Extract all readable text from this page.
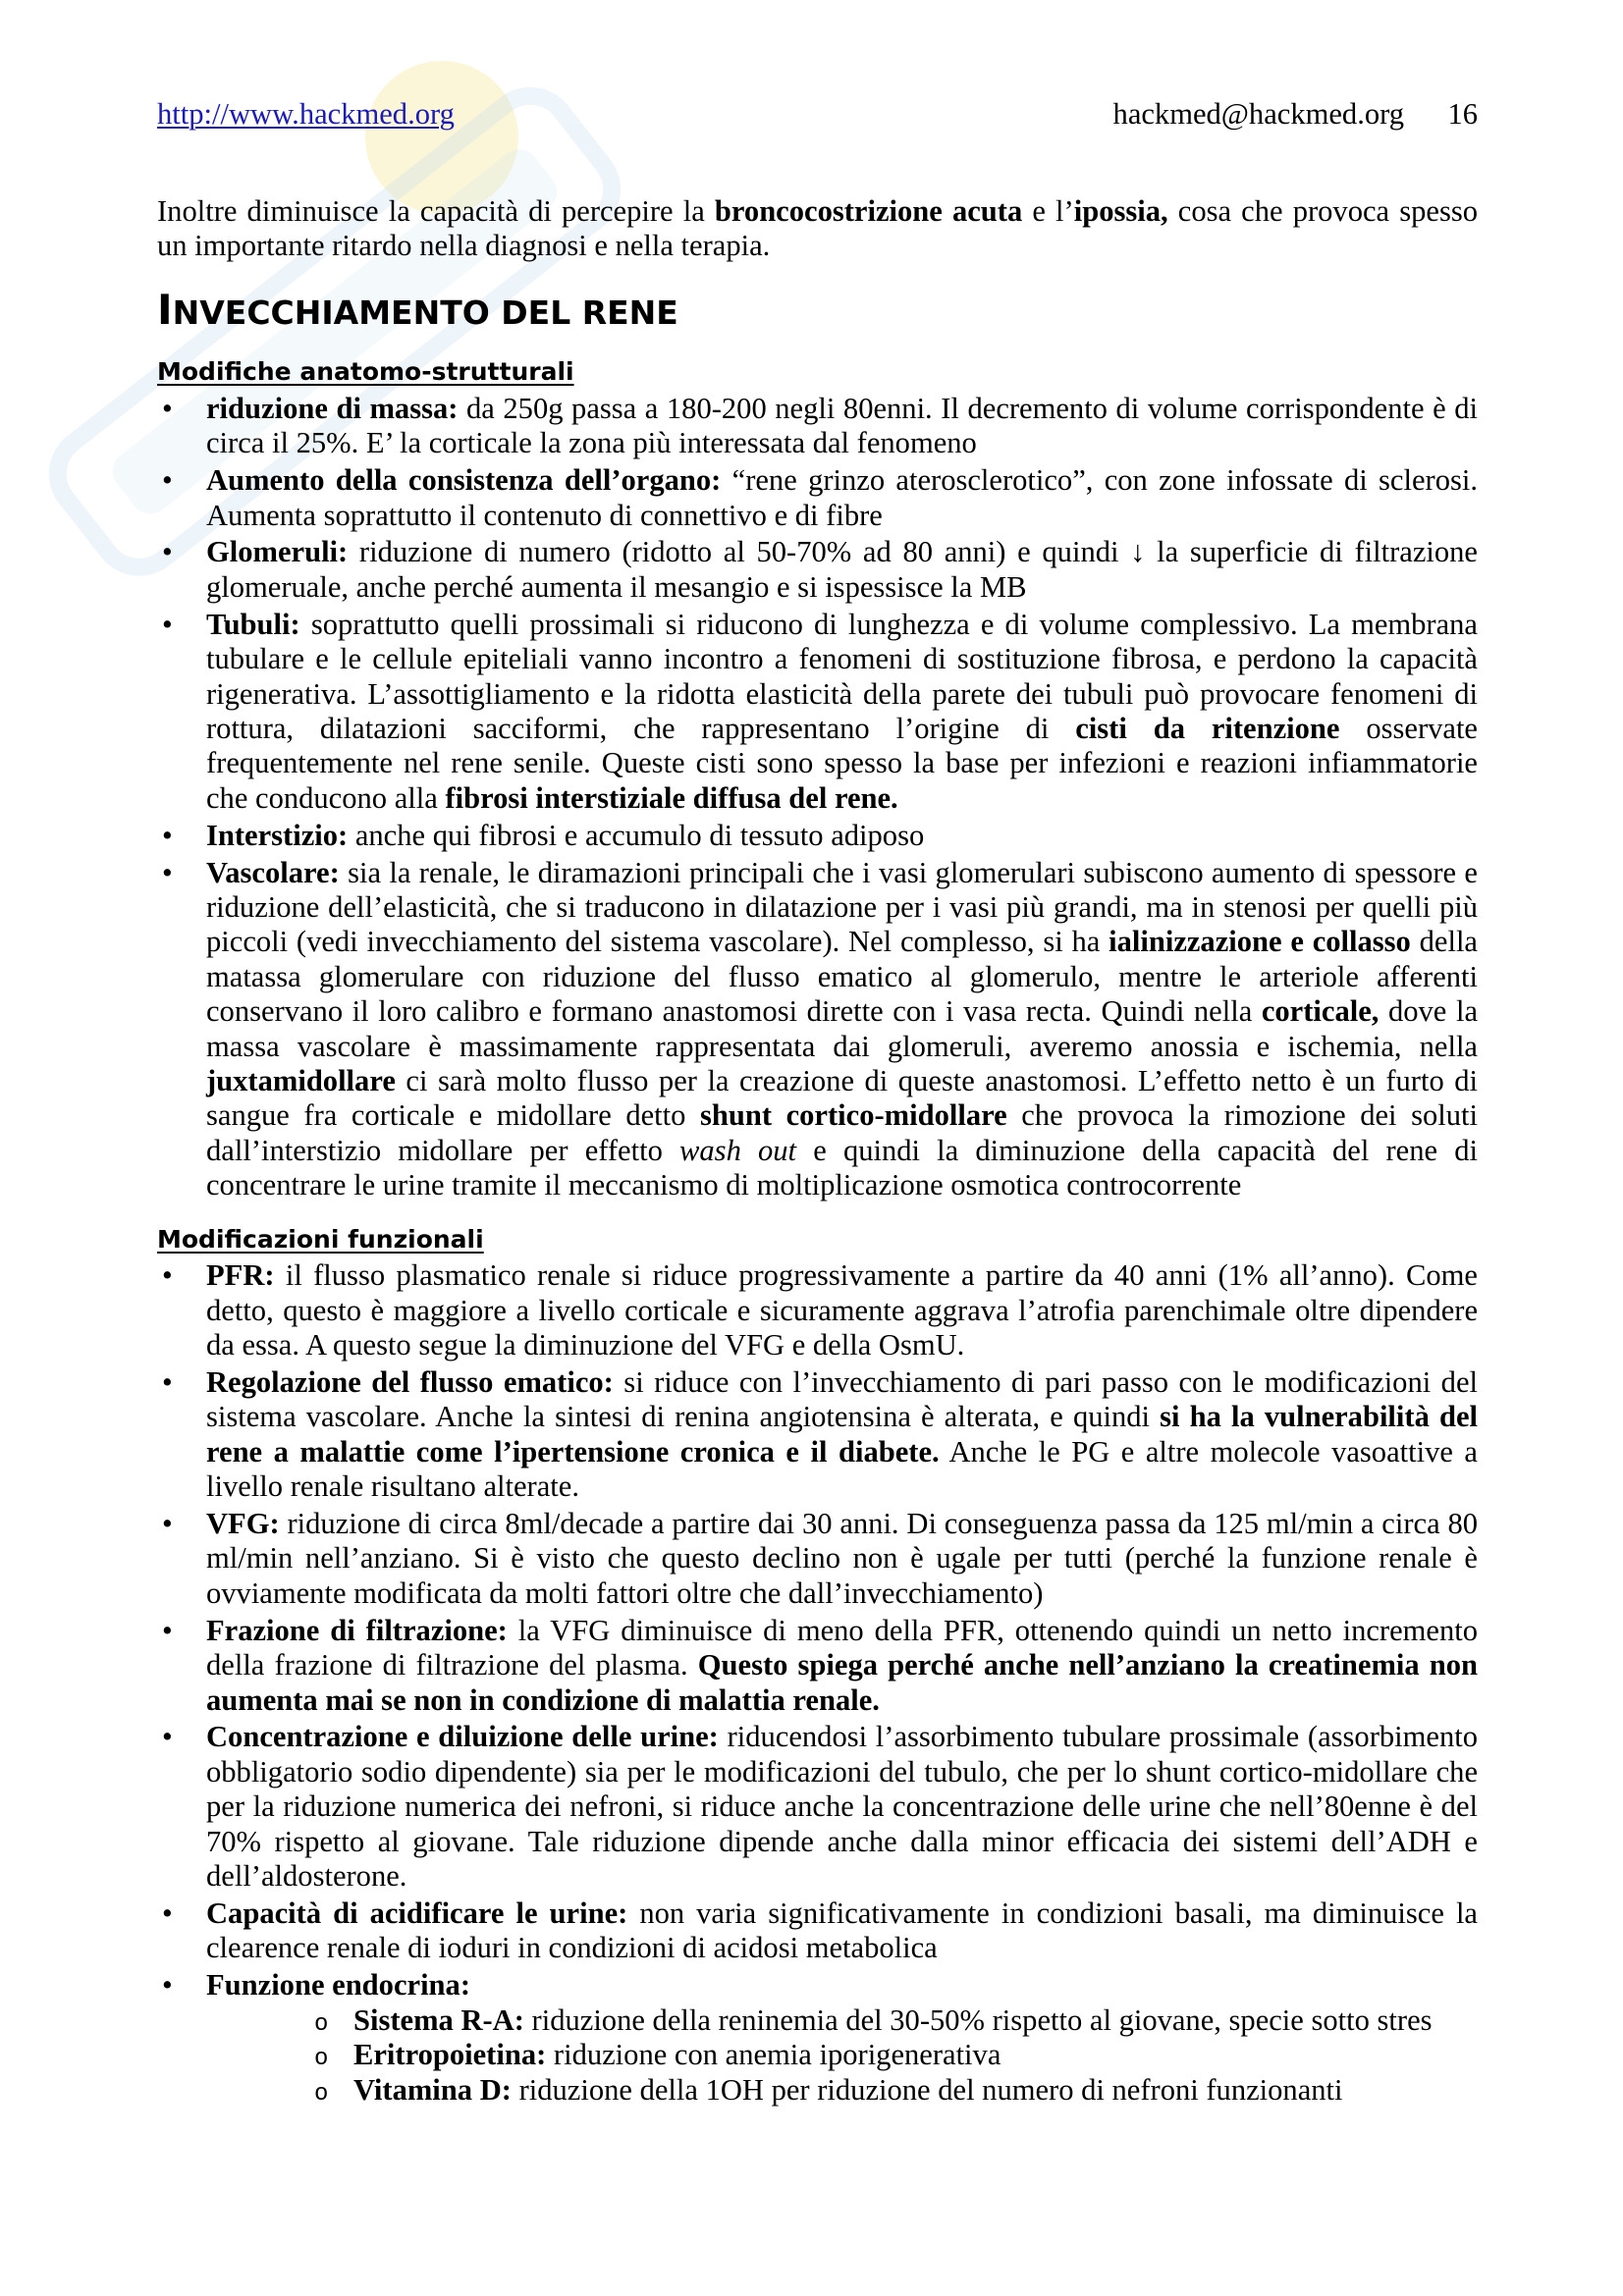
http://www.hackmed.org	hackmed@hackmed.org 16

Inoltre diminuisce la capacità di percepire la broncocostrizione acuta e l’ipossia, cosa che provoca spesso un importante ritardo nella diagnosi e nella terapia.

INVECCHIAMENTO DEL RENE
Modifiche anatomo-strutturali
•
riduzione di massa: da 250g passa a 180-200 negli 80enni. Il decremento di volume corrispondente è di circa il 25%. E’ la corticale la zona più interessata dal fenomeno
•
Aumento della consistenza dell’organo: “rene grinzo aterosclerotico”, con zone infossate di sclerosi. Aumenta soprattutto il contenuto di connettivo e di fibre
•
Glomeruli: riduzione di numero (ridotto al 50-70% ad 80 anni) e quindi ↓ la superficie di filtrazione glomeruale, anche perché aumenta il mesangio e si ispessisce la MB
•
Tubuli: soprattutto quelli prossimali si riducono di lunghezza e di volume complessivo. La membrana tubulare e le cellule epiteliali vanno incontro a fenomeni di sostituzione fibrosa, e perdono la capacità rigenerativa. L’assottigliamento e la ridotta elasticità della parete dei tubuli può provocare fenomeni di rottura, dilatazioni sacciformi, che rappresentano l’origine di cisti da ritenzione osservate frequentemente nel rene senile. Queste cisti sono spesso la base per infezioni e reazioni infiammatorie che conducono alla fibrosi interstiziale diffusa del rene.
•
Interstizio: anche qui fibrosi e accumulo di tessuto adiposo
•
Vascolare: sia la renale, le diramazioni principali che i vasi glomerulari subiscono aumento di spessore e riduzione dell’elasticità, che si traducono in dilatazione per i vasi più grandi, ma in stenosi per quelli più piccoli (vedi invecchiamento del sistema vascolare). Nel complesso, si ha ialinizzazione e collasso della matassa glomerulare con riduzione del flusso ematico al glomerulo, mentre le arteriole afferenti conservano il loro calibro e formano anastomosi dirette con i vasa recta. Quindi nella corticale, dove la massa vascolare è massimamente rappresentata dai glomeruli, averemo anossia e ischemia, nella juxtamidollare ci sarà molto flusso per la creazione di queste anastomosi. L’effetto netto è un furto di sangue fra corticale e midollare detto shunt cortico-midollare che provoca la rimozione dei soluti dall’interstizio midollare per effetto wash out e quindi la diminuzione della capacità del rene di concentrare le urine tramite il meccanismo di moltiplicazione osmotica controcorrente
Modificazioni funzionali
•
PFR: il flusso plasmatico renale si riduce progressivamente a partire da 40 anni (1% all’anno). Come detto, questo è maggiore a livello corticale e sicuramente aggrava l’atrofia parenchimale oltre dipendere da essa. A questo segue la diminuzione del VFG e della OsmU.
•
Regolazione del flusso ematico: si riduce con l’invecchiamento di pari passo con le modificazioni del sistema vascolare. Anche la sintesi di renina angiotensina è alterata, e quindi si ha la vulnerabilità del rene a malattie come l’ipertensione cronica e il diabete. Anche le PG e altre molecole vasoattive a livello renale risultano alterate.
•
VFG: riduzione di circa 8ml/decade a partire dai 30 anni. Di conseguenza passa da 125 ml/min a circa 80 ml/min nell’anziano. Si è visto che questo declino non è ugale per tutti (perché la funzione renale è ovviamente modificata da molti fattori oltre che dall’invecchiamento)
•
Frazione di filtrazione: la VFG diminuisce di meno della PFR, ottenendo quindi un netto incremento della frazione di filtrazione del plasma. Questo spiega perché anche nell’anziano la creatinemia non aumenta mai se non in condizione di malattia renale.
•
Concentrazione e diluizione delle urine: riducendosi l’assorbimento tubulare prossimale (assorbimento obbligatorio sodio dipendente) sia per le modificazioni del tubulo, che per lo shunt cortico-midollare che per la riduzione numerica dei nefroni, si riduce anche la concentrazione delle urine che nell’80enne è del 70% rispetto al giovane. Tale riduzione dipende anche dalla minor efficacia dei sistemi dell’ADH e dell’aldosterone.
•
Capacità di acidificare le urine: non varia significativamente in condizioni basali, ma diminuisce la clearence renale di ioduri in condizioni di acidosi metabolica
•
Funzione endocrina:
o
Sistema R-A: riduzione della reninemia del 30-50% rispetto al giovane, specie sotto stres
o
Eritropoietina: riduzione con anemia iporigenerativa
o
Vitamina D: riduzione della 1OH per riduzione del numero di nefroni funzionanti
